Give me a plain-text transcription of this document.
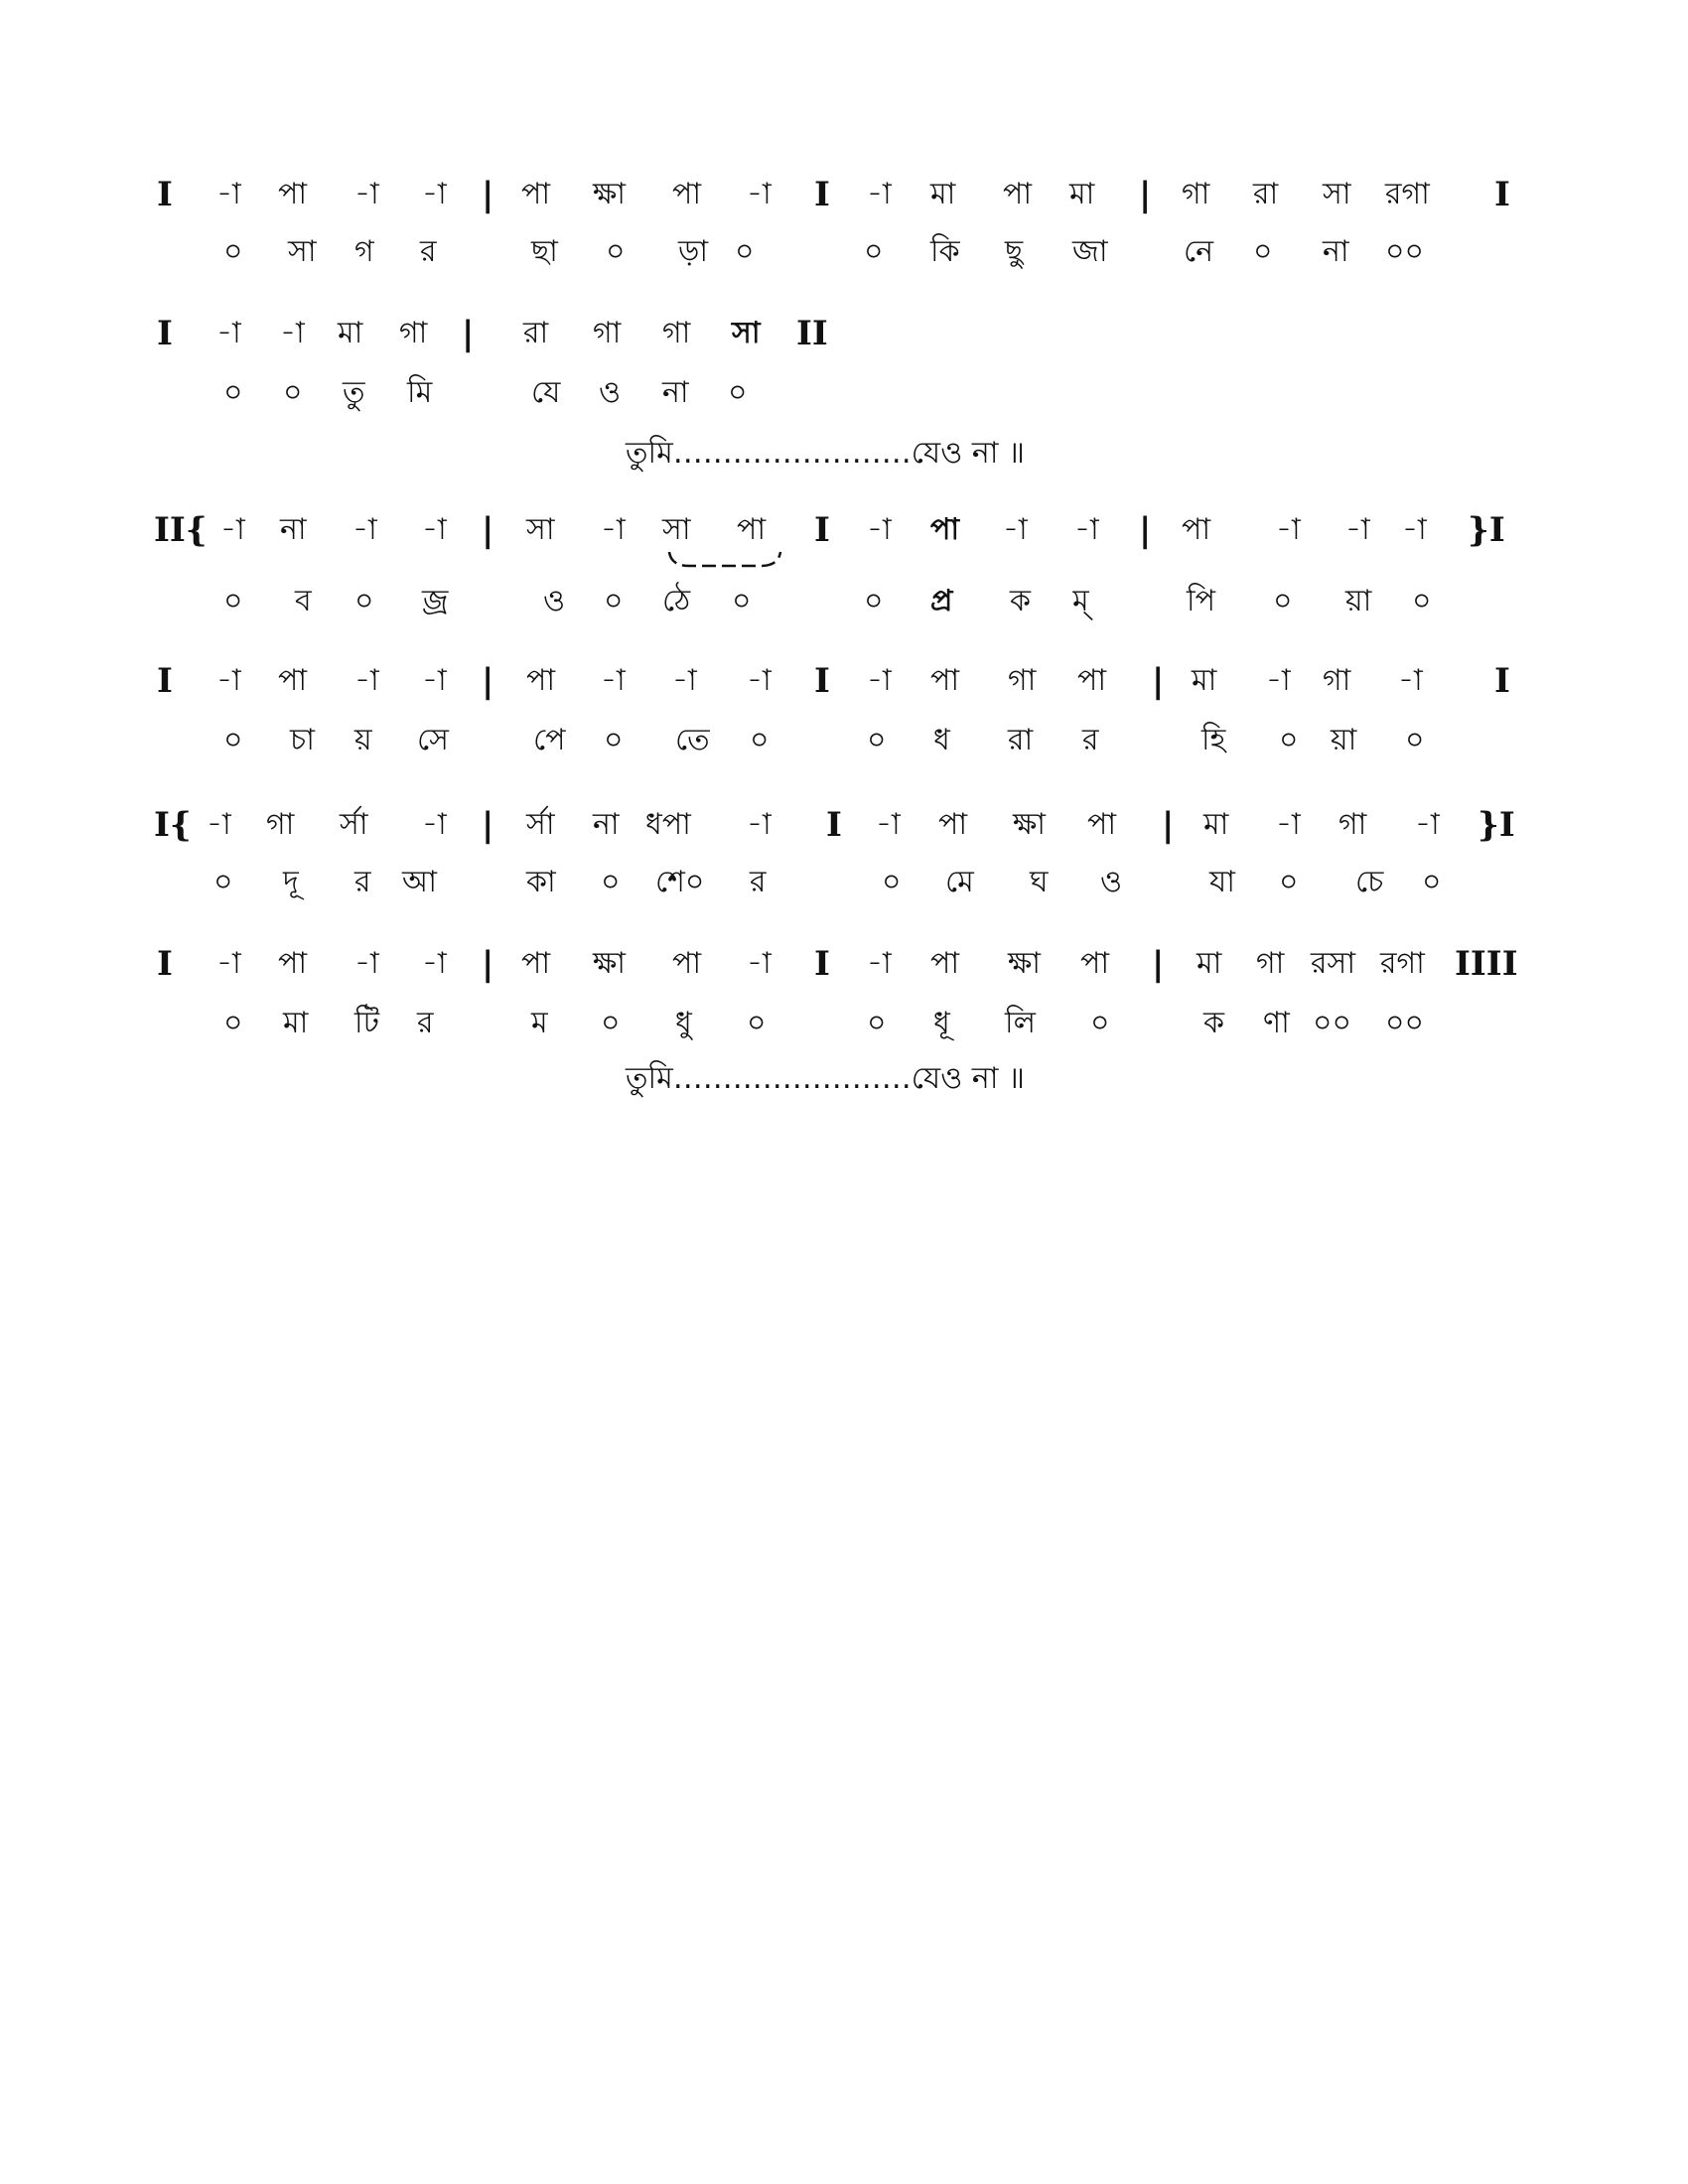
I -া পা -া -া | পা ক্ষা পা -া I -া মা পা মা | গা রা সা রগা I
০ সা গ র	ছা ০ ড়া ০	০ কি ছু জা	নে ০ না ০০
I -া -া মা গা | রা গা গা সা II
০ ০ তু মি	যে ও না ০
তুমি……………………যেও না ॥
II{ -া না -া -া | সা -া সা পা I -া পা -া -া | পা -া -া -া }I
০ ব ০ জ্র	ও ০ ঠে ০	০ প্র ক ম্	পি ০ য়া ০
I -া পা -া -া | পা -া -া -া I -া পা গা পা | মা -া গা -া I
০ চা য় সে	পে ০ তে ০	০ ধ রা র	হি ০ য়া ০
I{ -া গা র্সা -া | র্সা না ধপা -া I -া পা ক্ষা পা | মা -া গা -া }I
০ দূ র আ	কা ০ শে০ র	০ মে ঘ ও	যা ০ চে ০
I -া পা -া -া | পা ক্ষা পা -া I -া পা ক্ষা পা | মা গা রসা রগা IIII
০ মা টি র	ম ০ ধু ০	০ ধূ লি ০	ক ণা ০০ ০০
তুমি……………………যেও না ॥
